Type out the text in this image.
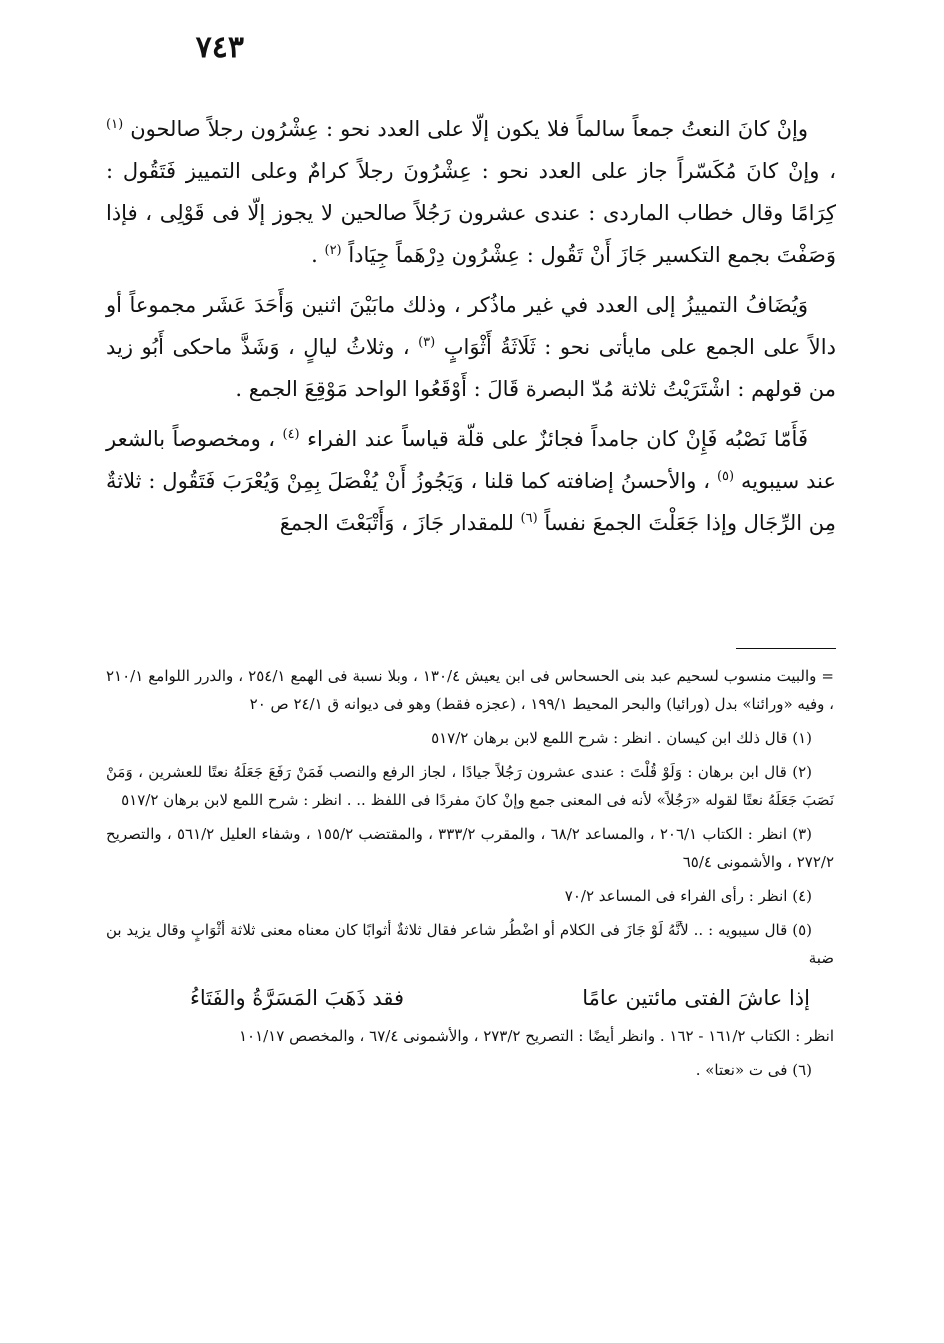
٧٤٣

وإنْ كانَ النعتُ جمعاً سالماً فلا يكون إلّا على العدد نحو : عِشْرُون رجلاً صالحون $^{(١)}$ ، وإنْ كانَ مُكَسّراً جاز على العدد نحو : عِشْرُونَ رجلاً كرامٌ وعلى التمييز فَتَقُول : كِرَامًا وقال خطاب الماردى : عندى عشرون رَجُلاً صالحين لا يجوز إلّا فى قَوْلِى ، فإذا وَصَفْتَ بجمع التكسير جَازَ أَنْ تَقُول : عِشْرُون دِرْهَماً جِيَاداً $^{(٢)}$ .

وَيُضَافُ التمييزُ إلى العدد في غير ماذُكر ، وذلك مابَيْنَ اثنين وَأَحَدَ عَشَر مجموعاً أو دالاً على الجمع على مايأتى نحو : ثَلَاثَةُ أَثْوَابٍ $^{(٣)}$ ، وثلاثُ ليالٍ ، وَشَذَّ ماحكى أَبُو زيد من قولهم : اشْتَرَيْتُ ثلاثة مُدّ البصرة قَالَ : أَوْقَعُوا الواحد مَوْقِعَ الجمع .

فَأَمّا نَصْبُه فَإِنْ كان جامداً فجائزٌ على قلّة قياساً عند الفراء $^{(٤)}$ ، ومخصوصاً بالشعر عند سيبويه $^{(٥)}$ ، والأحسنُ إضافته كما قلنا ، وَيَجُوزُ أَنْ يُفْصَلَ بِمِنْ وَيُعْرَبَ فَتَقُول : ثلاثةٌ مِن الرِّجَال وإذا جَعَلْتَ الجمعَ نفساً $^{(٦)}$ للمقدار جَازَ ، وَأَتْبَعْتَ الجمعَ

= والبيت منسوب لسحيم عبد بنى الحسحاس فى ابن يعيش ١٣٠/٤ ، وبلا نسبة فى الهمع ٢٥٤/١ ، والدرر اللوامع ٢١٠/١ ، وفيه «ورائنا» بدل (ورائيا) والبحر المحيط ١٩٩/١ ، (عجزه فقط) وهو فى ديوانه ق ٢٤/١ ص ٢٠

(١) قال ذلك ابن كيسان . انظر : شرح اللمع لابن برهان ٥١٧/٢

(٢) قال ابن برهان : وَلَوْ قُلْتَ : عندى عشرون رَجُلاً جيادًا ، لجاز الرفع والنصب فَمَنْ رَفَعَ جَعَلَهُ نعتًا للعشرين ، وَمَنْ نَصَبَ جَعَلَهُ نعتًا لقوله «رَجُلاً» لأنه فى المعنى جمع وإنْ كانَ مفردًا فى اللفظ .. . انظر : شرح اللمع لابن برهان ٥١٧/٢

(٣) انظر : الكتاب ٢٠٦/١ ، والمساعد ٦٨/٢ ، والمقرب ٣٣٣/٢ ، والمقتضب ١٥٥/٢ ، وشفاء العليل ٥٦١/٢ ، والتصريح ٢٧٢/٢ ، والأشمونى ٦٥/٤

(٤) انظر : رأى الفراء فى المساعد ٧٠/٢

(٥) قال سيبويه : .. لأنَّهُ لَوْ جَازَ فى الكلام أو اضْطُر شاعر فقال ثلاثةٌ أثوابًا كان معناه معنى ثلاثة أثْوَابٍ وقال يزيد بن ضبة

إذا عاشَ الفتى مائتين عامًا
فقد ذَهَبَ المَسَرَّةُ والفَتَاءُ

انظر : الكتاب ١٦١/٢ - ١٦٢ . وانظر أيضًا : التصريح ٢٧٣/٢ ، والأشمونى ٦٧/٤ ، والمخصص ١٠١/١٧

(٦) فى ت «نعتا» .
